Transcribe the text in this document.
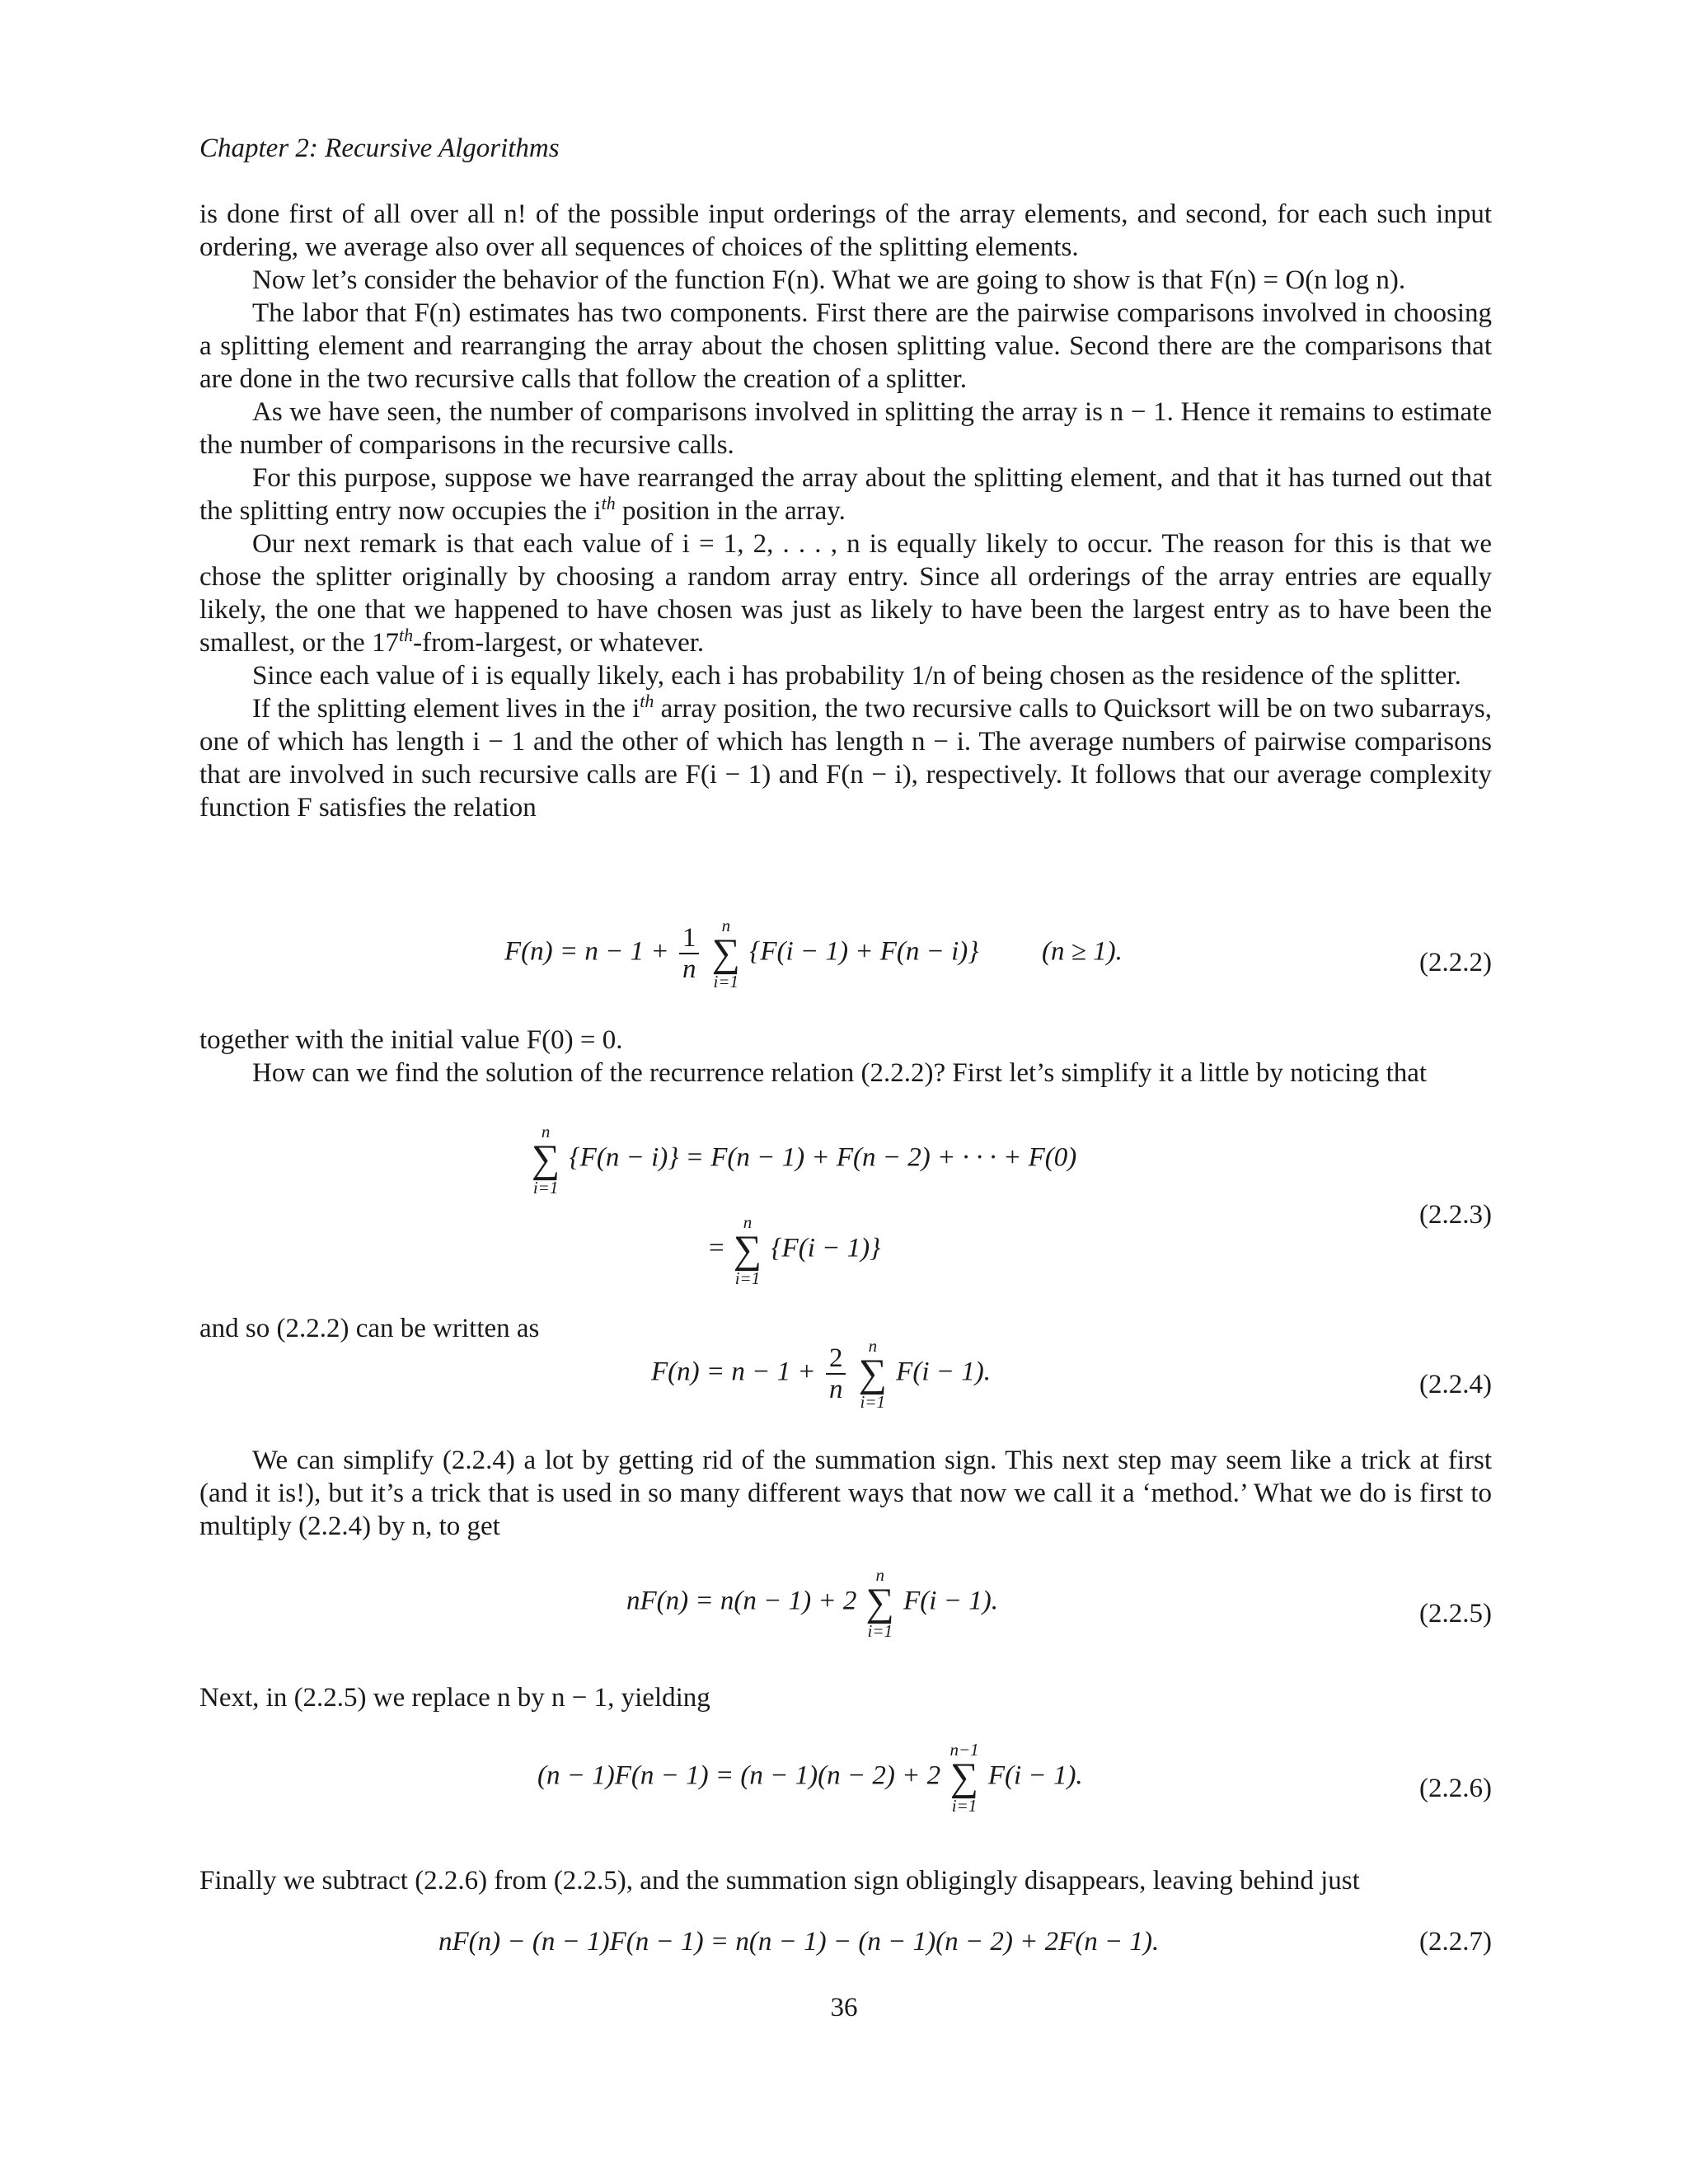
Chapter 2: Recursive Algorithms

is done first of all over all n! of the possible input orderings of the array elements, and second, for each such input ordering, we average also over all sequences of choices of the splitting elements.

Now let’s consider the behavior of the function F(n). What we are going to show is that F(n) = O(n log n).

The labor that F(n) estimates has two components. First there are the pairwise comparisons involved in choosing a splitting element and rearranging the array about the chosen splitting value. Second there are the comparisons that are done in the two recursive calls that follow the creation of a splitter.

As we have seen, the number of comparisons involved in splitting the array is n − 1. Hence it remains to estimate the number of comparisons in the recursive calls.

For this purpose, suppose we have rearranged the array about the splitting element, and that it has turned out that the splitting entry now occupies the $i^{th}$ position in the array.

Our next remark is that each value of i = 1, 2, . . . , n is equally likely to occur. The reason for this is that we chose the splitter originally by choosing a random array entry. Since all orderings of the array entries are equally likely, the one that we happened to have chosen was just as likely to have been the largest entry as to have been the smallest, or the 17th-from-largest, or whatever.

Since each value of i is equally likely, each i has probability 1/n of being chosen as the residence of the splitter.

If the splitting element lives in the $i^{th}$ array position, the two recursive calls to Quicksort will be on two subarrays, one of which has length i − 1 and the other of which has length n − i. The average numbers of pairwise comparisons that are involved in such recursive calls are F(i − 1) and F(n − i), respectively. It follows that our average complexity function F satisfies the relation

$F(n) = n - 1 + \frac{1}{n}$
	n
∑
i=1
{F(i − 1) + F(n − i)} (n ≥ 1).	(2.2.2)

together with the initial value F(0) = 0.

How can we find the solution of the recurrence relation (2.2.2)? First let’s simplify it a little by noticing that

n
∑
i=1
{F(n − i)} = F(n − 1) + F(n − 2) + · · · + F(0)
=
n
∑
i=1
{F(i − 1)}
(2.2.3)

and so (2.2.2) can be written as

$F(n) = n - 1 + \frac{2}{n}$
	n
∑
i=1
F(i − 1).	(2.2.4)

We can simplify (2.2.4) a lot by getting rid of the summation sign. This next step may seem like a trick at first (and it is!), but it’s a trick that is used in so many different ways that now we call it a ‘method.’ What we do is first to multiply (2.2.4) by n, to get

nF(n) = n(n − 1) + 2
n
∑
i=1
F(i − 1).	(2.2.5)

Next, in (2.2.5) we replace n by n − 1, yielding

(n − 1)F(n − 1) = (n − 1)(n − 2) + 2
n−1
∑
i=1
F(i − 1).	(2.2.6)

Finally we subtract (2.2.6) from (2.2.5), and the summation sign obligingly disappears, leaving behind just

nF(n) − (n − 1)F(n − 1) = n(n − 1) − (n − 1)(n − 2) + 2F(n − 1).	(2.2.7)
36
